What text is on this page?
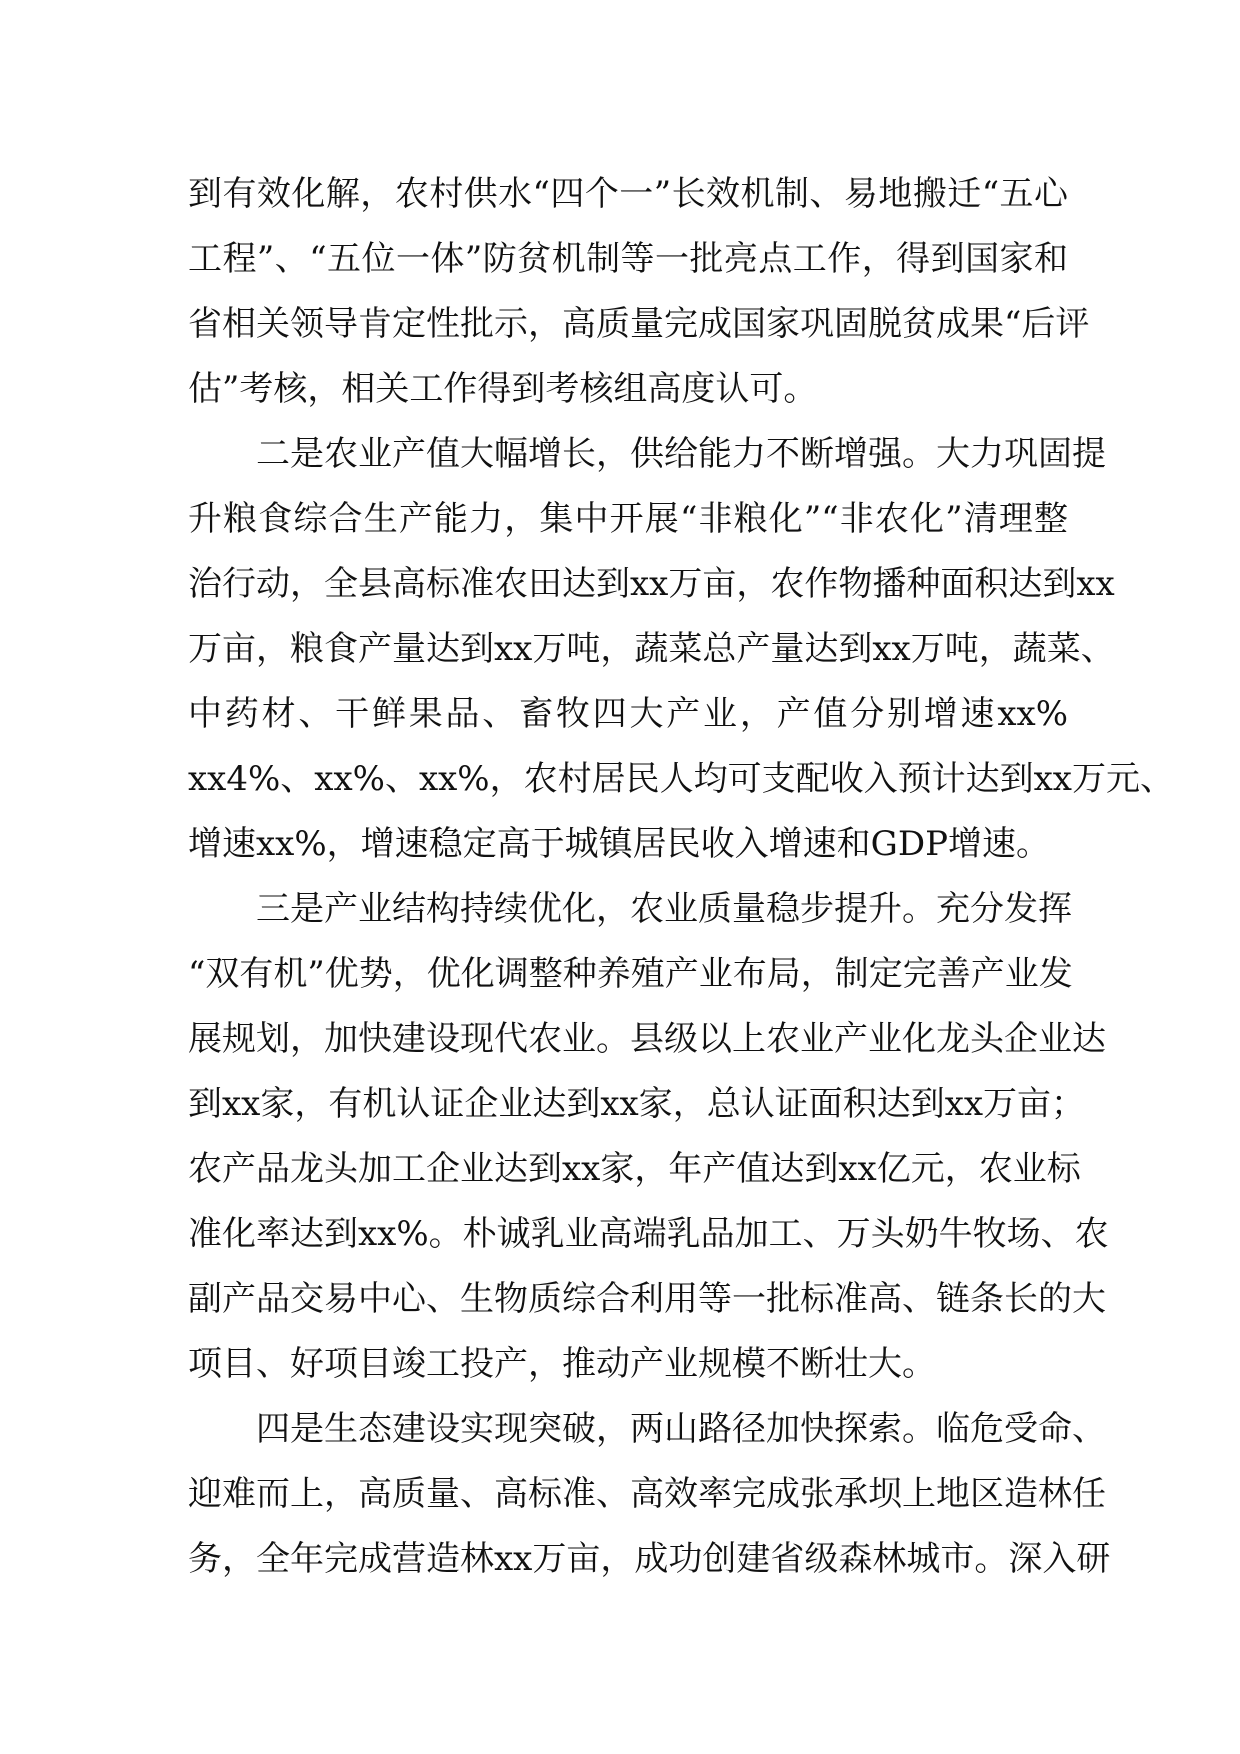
到有效化解，农村供水“四个一”长效机制、易地搬迁“五心
工程”、“五位一体”防贫机制等一批亮点工作，得到国家和
省相关领导肯定性批示，高质量完成国家巩固脱贫成果“后评
估”考核，相关工作得到考核组高度认可。
　　二是农业产值大幅增长，供给能力不断增强。大力巩固提
升粮食综合生产能力，集中开展“非粮化”“非农化”清理整
治行动，全县高标准农田达到xx万亩，农作物播种面积达到xx
万亩，粮食产量达到xx万吨，蔬菜总产量达到xx万吨，蔬菜、
中药材、干鲜果品、畜牧四大产业，产值分别增速xx%
xx4%、xx%、xx%，农村居民人均可支配收入预计达到xx万元、
增速xx%，增速稳定高于城镇居民收入增速和GDP增速。
　　三是产业结构持续优化，农业质量稳步提升。充分发挥
“双有机”优势，优化调整种养殖产业布局，制定完善产业发
展规划，加快建设现代农业。县级以上农业产业化龙头企业达
到xx家，有机认证企业达到xx家，总认证面积达到xx万亩；
农产品龙头加工企业达到xx家，年产值达到xx亿元，农业标
准化率达到xx%。朴诚乳业高端乳品加工、万头奶牛牧场、农
副产品交易中心、生物质综合利用等一批标准高、链条长的大
项目、好项目竣工投产，推动产业规模不断壮大。
　　四是生态建设实现突破，两山路径加快探索。临危受命、
迎难而上，高质量、高标准、高效率完成张承坝上地区造林任
务，全年完成营造林xx万亩，成功创建省级森林城市。深入研
